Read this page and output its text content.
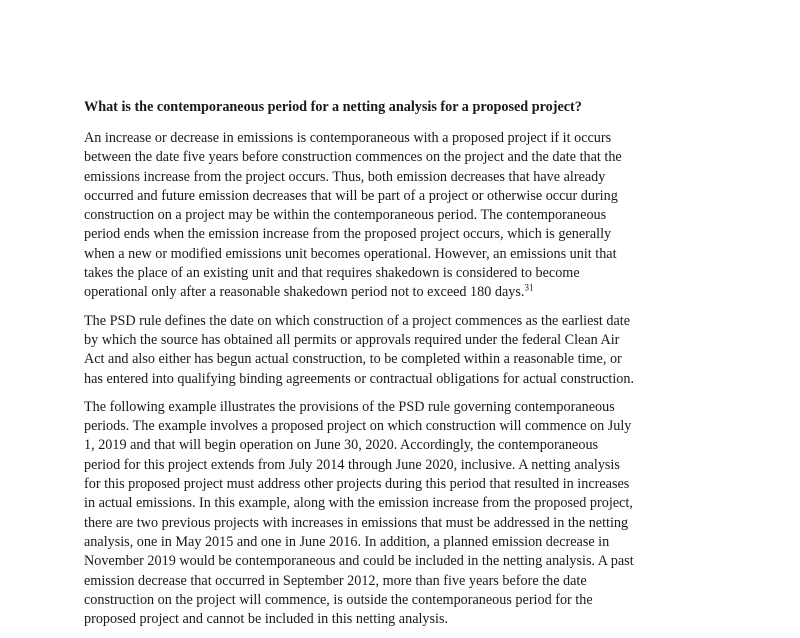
What is the contemporaneous period for a netting analysis for a proposed project?

An increase or decrease in emissions is contemporaneous with a proposed project if it occurs
between the date five years before construction commences on the project and the date that the
emissions increase from the project occurs. Thus, both emission decreases that have already
occurred and future emission decreases that will be part of a project or otherwise occur during
construction on a project may be within the contemporaneous period. The contemporaneous
period ends when the emission increase from the proposed project occurs, which is generally
when a new or modified emissions unit becomes operational. However, an emissions unit that
takes the place of an existing unit and that requires shakedown is considered to become
operational only after a reasonable shakedown period not to exceed 180 days.$^{31}$

The PSD rule defines the date on which construction of a project commences as the earliest date
by which the source has obtained all permits or approvals required under the federal Clean Air
Act and also either has begun actual construction, to be completed within a reasonable time, or
has entered into qualifying binding agreements or contractual obligations for actual construction.

The following example illustrates the provisions of the PSD rule governing contemporaneous
periods. The example involves a proposed project on which construction will commence on July
1, 2019 and that will begin operation on June 30, 2020. Accordingly, the contemporaneous
period for this project extends from July 2014 through June 2020, inclusive. A netting analysis
for this proposed project must address other projects during this period that resulted in increases
in actual emissions. In this example, along with the emission increase from the proposed project,
there are two previous projects with increases in emissions that must be addressed in the netting
analysis, one in May 2015 and one in June 2016. In addition, a planned emission decrease in
November 2019 would be contemporaneous and could be included in the netting analysis. A past
emission decrease that occurred in September 2012, more than five years before the date
construction on the project will commence, is outside the contemporaneous period for the
proposed project and cannot be included in this netting analysis.
